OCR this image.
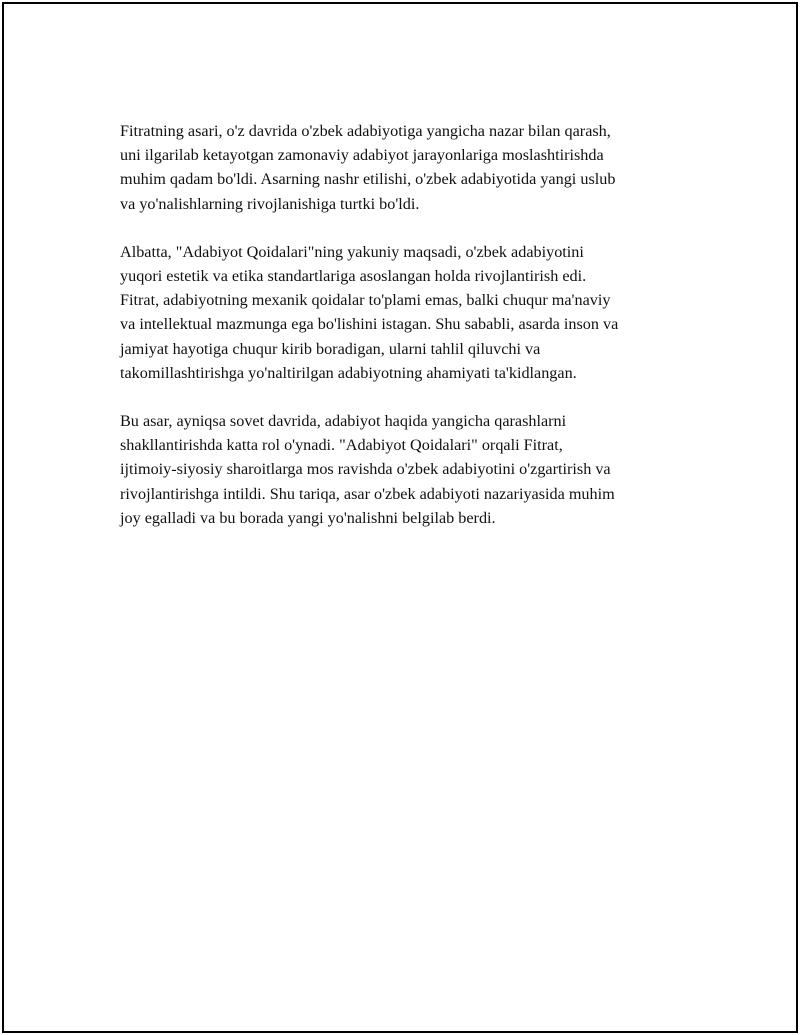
Fitratning asari, o'z davrida o'zbek adabiyotiga yangicha nazar bilan qarash,
uni ilgarilab ketayotgan zamonaviy adabiyot jarayonlariga moslashtirishda
muhim qadam bo'ldi. Asarning nashr etilishi, o'zbek adabiyotida yangi uslub
va yo'nalishlarning rivojlanishiga turtki bo'ldi.

Albatta, "Adabiyot Qoidalari"ning yakuniy maqsadi, o'zbek adabiyotini
yuqori estetik va etika standartlariga asoslangan holda rivojlantirish edi.
Fitrat, adabiyotning mexanik qoidalar to'plami emas, balki chuqur ma'naviy
va intellektual mazmunga ega bo'lishini istagan. Shu sababli, asarda inson va
jamiyat hayotiga chuqur kirib boradigan, ularni tahlil qiluvchi va
takomillashtirishga yo'naltirilgan adabiyotning ahamiyati ta'kidlangan.

Bu asar, ayniqsa sovet davrida, adabiyot haqida yangicha qarashlarni
shakllantirishda katta rol o'ynadi. "Adabiyot Qoidalari" orqali Fitrat,
ijtimoiy-siyosiy sharoitlarga mos ravishda o'zbek adabiyotini o'zgartirish va
rivojlantirishga intildi. Shu tariqa, asar o'zbek adabiyoti nazariyasida muhim
joy egalladi va bu borada yangi yo'nalishni belgilab berdi.
